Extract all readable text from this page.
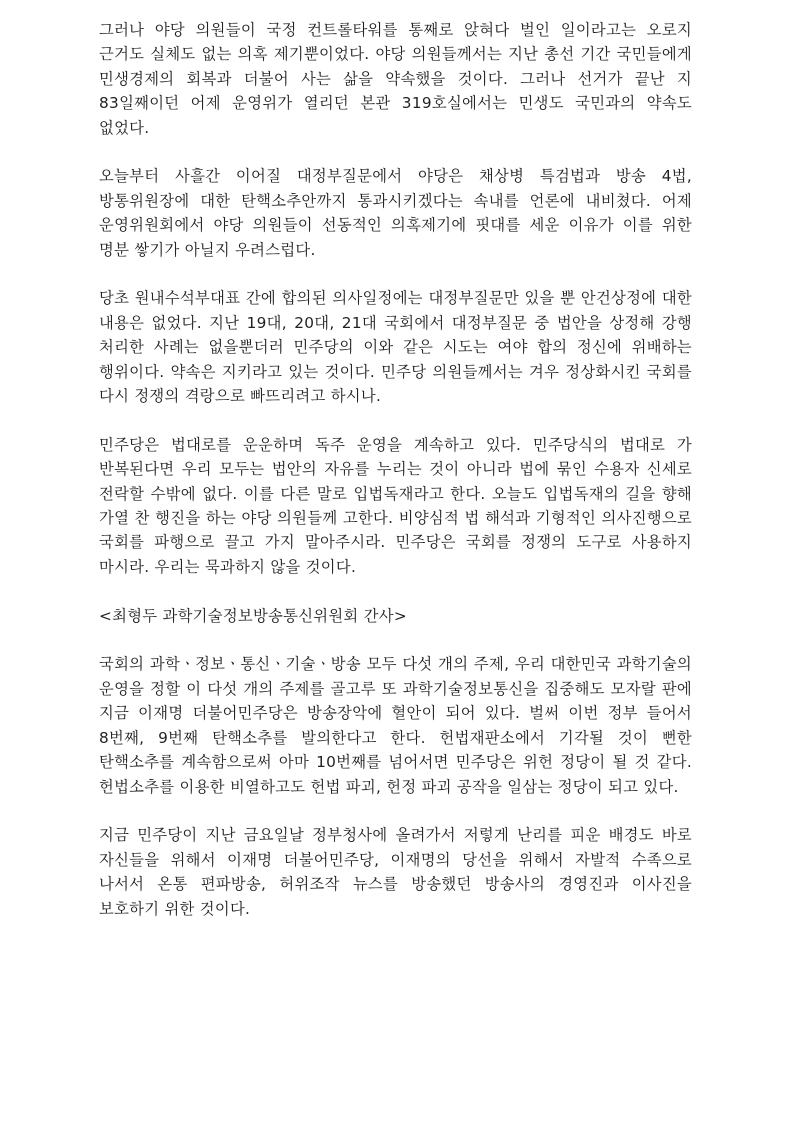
그러나 야당 의원들이 국정 컨트롤타워를 통째로 앉혀다 벌인 일이라고는 오로지 근거도 실체도 없는 의혹 제기뿐이었다. 야당 의원들께서는 지난 총선 기간 국민들에게 민생경제의 회복과 더불어 사는 삶을 약속했을 것이다. 그러나 선거가 끝난 지 83일째이던 어제 운영위가 열리던 본관 319호실에서는 민생도 국민과의 약속도 없었다.

오늘부터 사흘간 이어질 대정부질문에서 야당은 채상병 특검법과 방송 4법, 방통위원장에 대한 탄핵소추안까지 통과시키겠다는 속내를 언론에 내비쳤다. 어제 운영위원회에서 야당 의원들이 선동적인 의혹제기에 핏대를 세운 이유가 이를 위한 명분 쌓기가 아닐지 우려스럽다.

당초 원내수석부대표 간에 합의된 의사일정에는 대정부질문만 있을 뿐 안건상정에 대한 내용은 없었다. 지난 19대, 20대, 21대 국회에서 대정부질문 중 법안을 상정해 강행 처리한 사례는 없을뿐더러 민주당의 이와 같은 시도는 여야 합의 정신에 위배하는 행위이다. 약속은 지키라고 있는 것이다. 민주당 의원들께서는 겨우 정상화시킨 국회를 다시 정쟁의 격랑으로 빠뜨리려고 하시나.

민주당은 법대로를 운운하며 독주 운영을 계속하고 있다. 민주당식의 법대로 가 반복된다면 우리 모두는 법안의 자유를 누리는 것이 아니라 법에 묶인 수용자 신세로 전락할 수밖에 없다. 이를 다른 말로 입법독재라고 한다. 오늘도 입법독재의 길을 향해 가열 찬 행진을 하는 야당 의원들께 고한다. 비양심적 법 해석과 기형적인 의사진행으로 국회를 파행으로 끌고 가지 말아주시라. 민주당은 국회를 정쟁의 도구로 사용하지 마시라. 우리는 묵과하지 않을 것이다.

<최형두 과학기술정보방송통신위원회 간사>

국회의 과학ㆍ정보ㆍ통신ㆍ기술ㆍ방송 모두 다섯 개의 주제, 우리 대한민국 과학기술의 운영을 정할 이 다섯 개의 주제를 골고루 또 과학기술정보통신을 집중해도 모자랄 판에 지금 이재명 더불어민주당은 방송장악에 혈안이 되어 있다. 벌써 이번 정부 들어서 8번째, 9번째 탄핵소추를 발의한다고 한다. 헌법재판소에서 기각될 것이 뻔한 탄핵소추를 계속함으로써 아마 10번째를 넘어서면 민주당은 위헌 정당이 될 것 같다. 헌법소추를 이용한 비열하고도 헌법 파괴, 헌정 파괴 공작을 일삼는 정당이 되고 있다.

지금 민주당이 지난 금요일날 정부청사에 올려가서 저렇게 난리를 피운 배경도 바로 자신들을 위해서 이재명 더불어민주당, 이재명의 당선을 위해서 자발적 수족으로 나서서 온통 편파방송, 허위조작 뉴스를 방송했던 방송사의 경영진과 이사진을 보호하기 위한 것이다.
